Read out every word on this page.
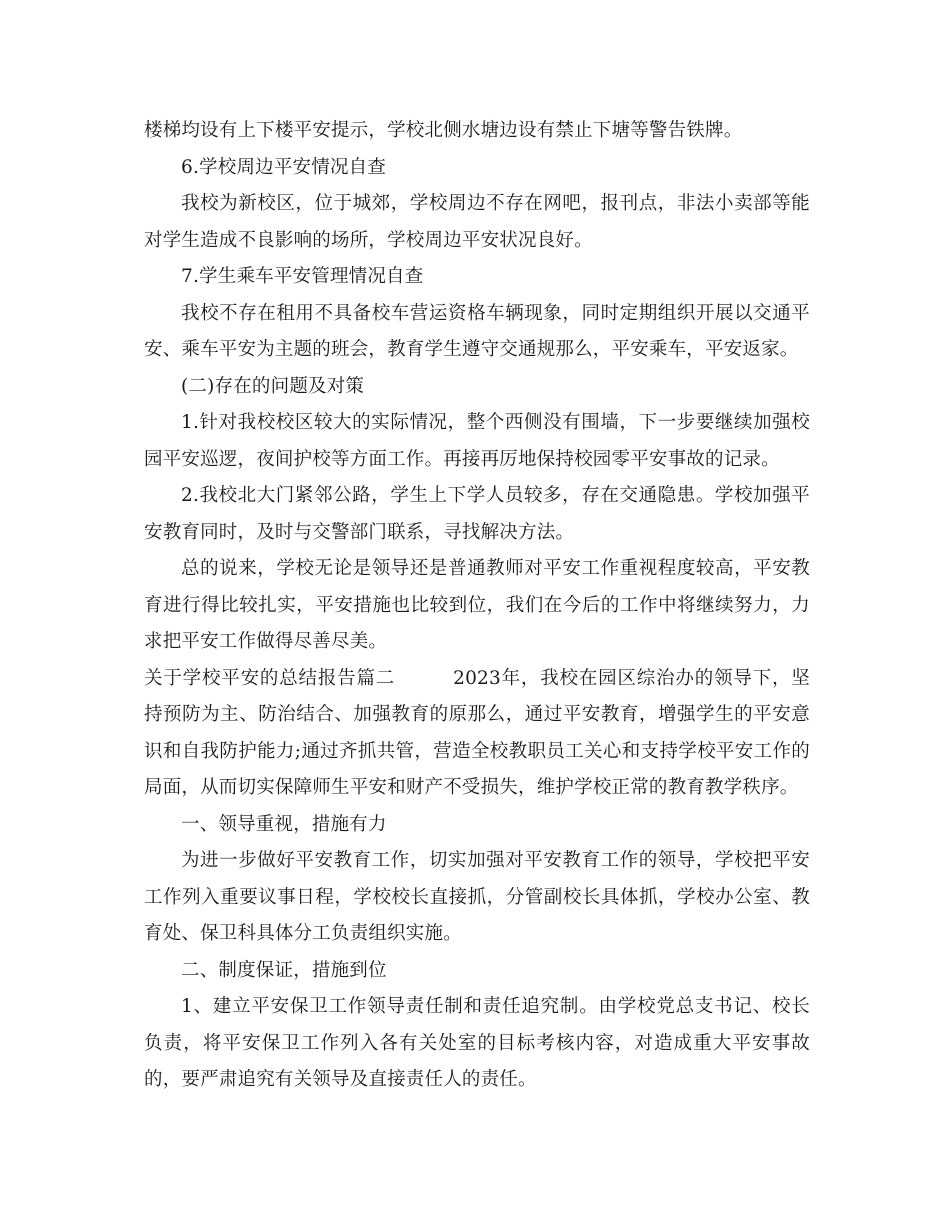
楼梯均设有上下楼平安提示，学校北侧水塘边设有禁止下塘等警告铁牌。

6.学校周边平安情况自查

我校为新校区，位于城郊，学校周边不存在网吧，报刊点，非法小卖部等能对学生造成不良影响的场所，学校周边平安状况良好。

7.学生乘车平安管理情况自查

我校不存在租用不具备校车营运资格车辆现象，同时定期组织开展以交通平安、乘车平安为主题的班会，教育学生遵守交通规那么，平安乘车，平安返家。

(二)存在的问题及对策

1.针对我校校区较大的实际情况，整个西侧没有围墙，下一步要继续加强校园平安巡逻，夜间护校等方面工作。再接再厉地保持校园零平安事故的记录。

2.我校北大门紧邻公路，学生上下学人员较多，存在交通隐患。学校加强平安教育同时，及时与交警部门联系，寻找解决方法。

总的说来，学校无论是领导还是普通教师对平安工作重视程度较高，平安教育进行得比较扎实，平安措施也比较到位，我们在今后的工作中将继续努力，力求把平安工作做得尽善尽美。

关于学校平安的总结报告篇二	2023年，我校在园区综治办的领导下，坚持预防为主、防治结合、加强教育的原那么，通过平安教育，增强学生的平安意识和自我防护能力;通过齐抓共管，营造全校教职员工关心和支持学校平安工作的局面，从而切实保障师生平安和财产不受损失，维护学校正常的教育教学秩序。

一、领导重视，措施有力

为进一步做好平安教育工作，切实加强对平安教育工作的领导，学校把平安工作列入重要议事日程，学校校长直接抓，分管副校长具体抓，学校办公室、教育处、保卫科具体分工负责组织实施。

二、制度保证，措施到位

1、建立平安保卫工作领导责任制和责任追究制。由学校党总支书记、校长负责，将平安保卫工作列入各有关处室的目标考核内容，对造成重大平安事故的，要严肃追究有关领导及直接责任人的责任。
